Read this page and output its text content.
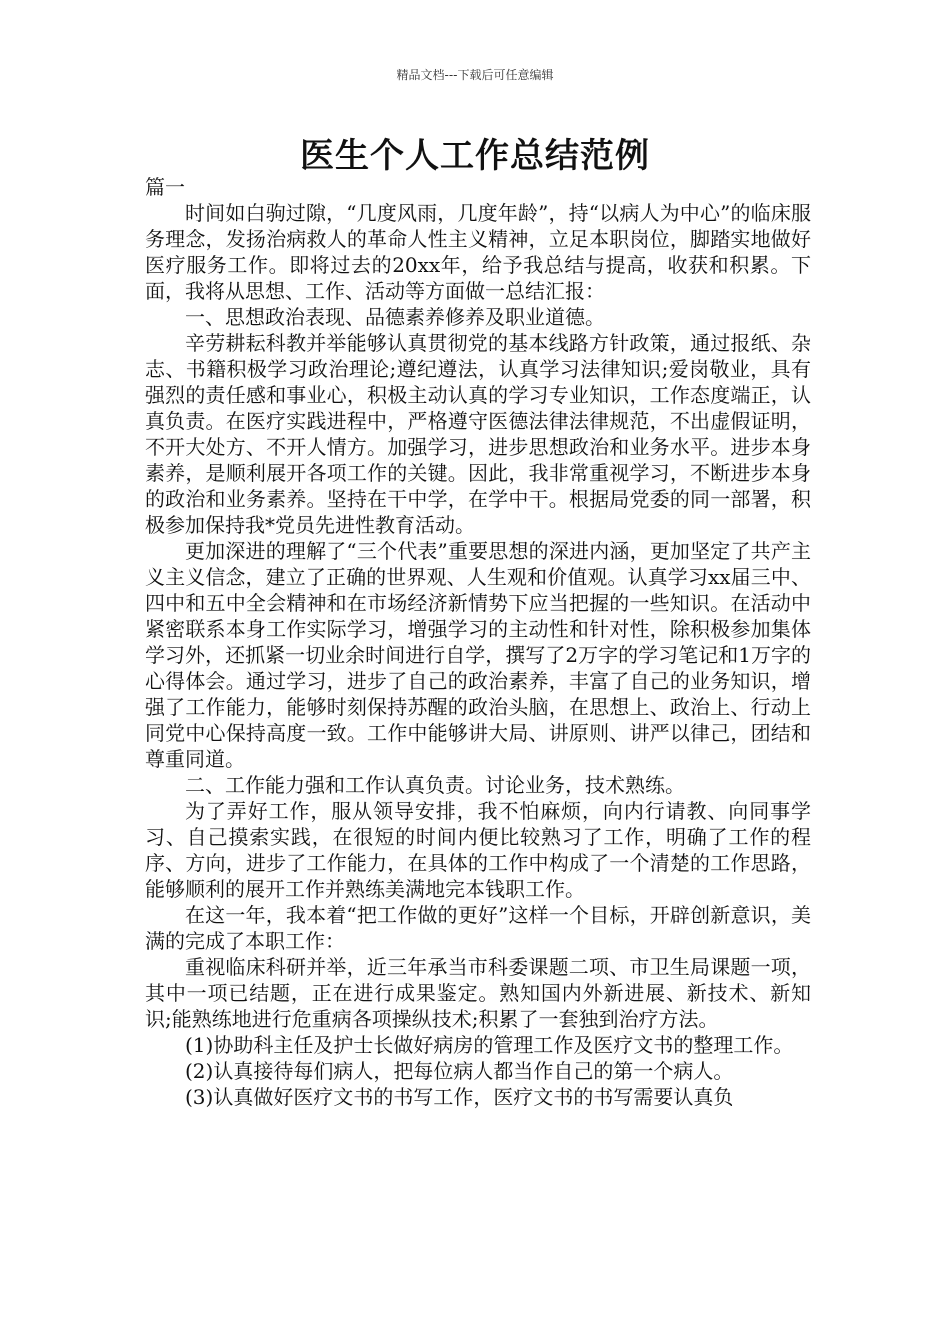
精品文档---下载后可任意编辑
医生个人工作总结范例

篇一

时间如白驹过隙，“几度风雨，几度年龄”，持“以病人为中心”的临床服务理念，发扬治病救人的革命人性主义精神，立足本职岗位，脚踏实地做好医疗服务工作。即将过去的20xx年，给予我总结与提高，收获和积累。下面，我将从思想、工作、活动等方面做一总结汇报：

一、思想政治表现、品德素养修养及职业道德。

辛劳耕耘科教并举能够认真贯彻党的基本线路方针政策，通过报纸、杂志、书籍积极学习政治理论;遵纪遵法，认真学习法律知识;爱岗敬业，具有强烈的责任感和事业心，积极主动认真的学习专业知识，工作态度端正，认真负责。在医疗实践进程中，严格遵守医德法律法律规范，不出虚假证明，不开大处方、不开人情方。加强学习，进步思想政治和业务水平。进步本身素养，是顺利展开各项工作的关键。因此，我非常重视学习，不断进步本身的政治和业务素养。坚持在干中学，在学中干。根据局党委的同一部署，积极参加保持我*党员先进性教育活动。

更加深进的理解了“三个代表”重要思想的深进内涵，更加坚定了共产主义主义信念，建立了正确的世界观、人生观和价值观。认真学习xx届三中、四中和五中全会精神和在市场经济新情势下应当把握的一些知识。在活动中紧密联系本身工作实际学习，增强学习的主动性和针对性，除积极参加集体学习外，还抓紧一切业余时间进行自学，撰写了2万字的学习笔记和1万字的心得体会。通过学习，进步了自己的政治素养，丰富了自己的业务知识，增强了工作能力，能够时刻保持苏醒的政治头脑，在思想上、政治上、行动上同党中心保持高度一致。工作中能够讲大局、讲原则、讲严以律己，团结和尊重同道。

二、工作能力强和工作认真负责。讨论业务，技术熟练。

为了弄好工作，服从领导安排，我不怕麻烦，向内行请教、向同事学习、自己摸索实践，在很短的时间内便比较熟习了工作，明确了工作的程序、方向，进步了工作能力，在具体的工作中构成了一个清楚的工作思路，能够顺利的展开工作并熟练美满地完本钱职工作。

在这一年，我本着“把工作做的更好”这样一个目标，开辟创新意识，美满的完成了本职工作：

重视临床科研并举，近三年承当市科委课题二项、市卫生局课题一项，其中一项已结题，正在进行成果鉴定。熟知国内外新进展、新技术、新知识;能熟练地进行危重病各项操纵技术;积累了一套独到治疗方法。

(1)协助科主任及护士长做好病房的管理工作及医疗文书的整理工作。

(2)认真接待每们病人，把每位病人都当作自己的第一个病人。

(3)认真做好医疗文书的书写工作，医疗文书的书写需要认真负
